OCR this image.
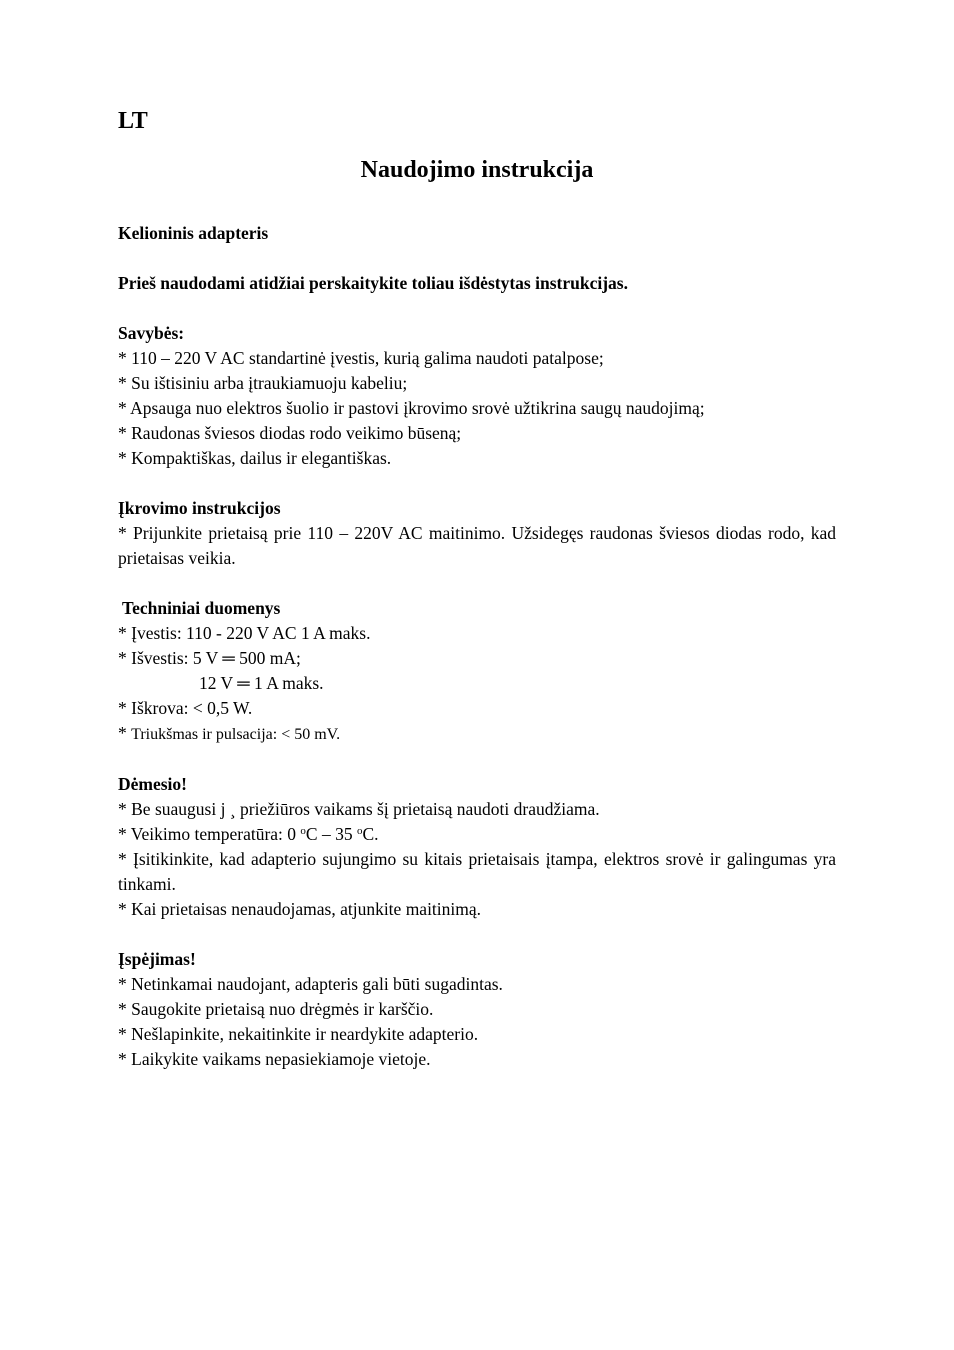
LT
Naudojimo instrukcija
Kelioninis adapteris
Prieš naudodami atidžiai perskaitykite toliau išdėstytas instrukcijas.
Savybės:
* 110 – 220 V AC standartinė įvestis, kurią galima naudoti patalpose;
* Su ištisiniu arba įtraukiamuoju kabeliu;
* Apsauga nuo elektros šuolio ir pastovi įkrovimo srovė užtikrina saugų naudojimą;
* Raudonas šviesos diodas rodo veikimo būseną;
* Kompaktiškas, dailus ir elegantiškas.
Įkrovimo instrukcijos
* Prijunkite prietaisą prie 110 – 220V AC maitinimo. Užsidegęs raudonas šviesos diodas rodo, kad prietaisas veikia.
Techniniai duomenys
* Įvestis: 110 - 220 V AC 1 A maks.
* Išvestis: 5 V ═ 500 mA;
12 V ═ 1 A maks.
* Iškrova: < 0,5 W.
* Triukšmas ir pulsacija: < 50 mV.
Dėmesio!
* Be suaugusi ј ¸ priežiūros vaikams šį prietaisą naudoti draudžiama.
* Veikimo temperatūra: 0 $^o$C – 35 $^o$C.
* Įsitikinkite, kad adapterio sujungimo su kitais prietaisais įtampa, elektros srovė ir galingumas yra tinkami.
* Kai prietaisas nenaudojamas, atjunkite maitinimą.
Įspėjimas!
* Netinkamai naudojant, adapteris gali būti sugadintas.
* Saugokite prietaisą nuo drėgmės ir karščio.
* Nešlapinkite, nekaitinkite ir neardykite adapterio.
* Laikykite vaikams nepasiekiamoje vietoje.
